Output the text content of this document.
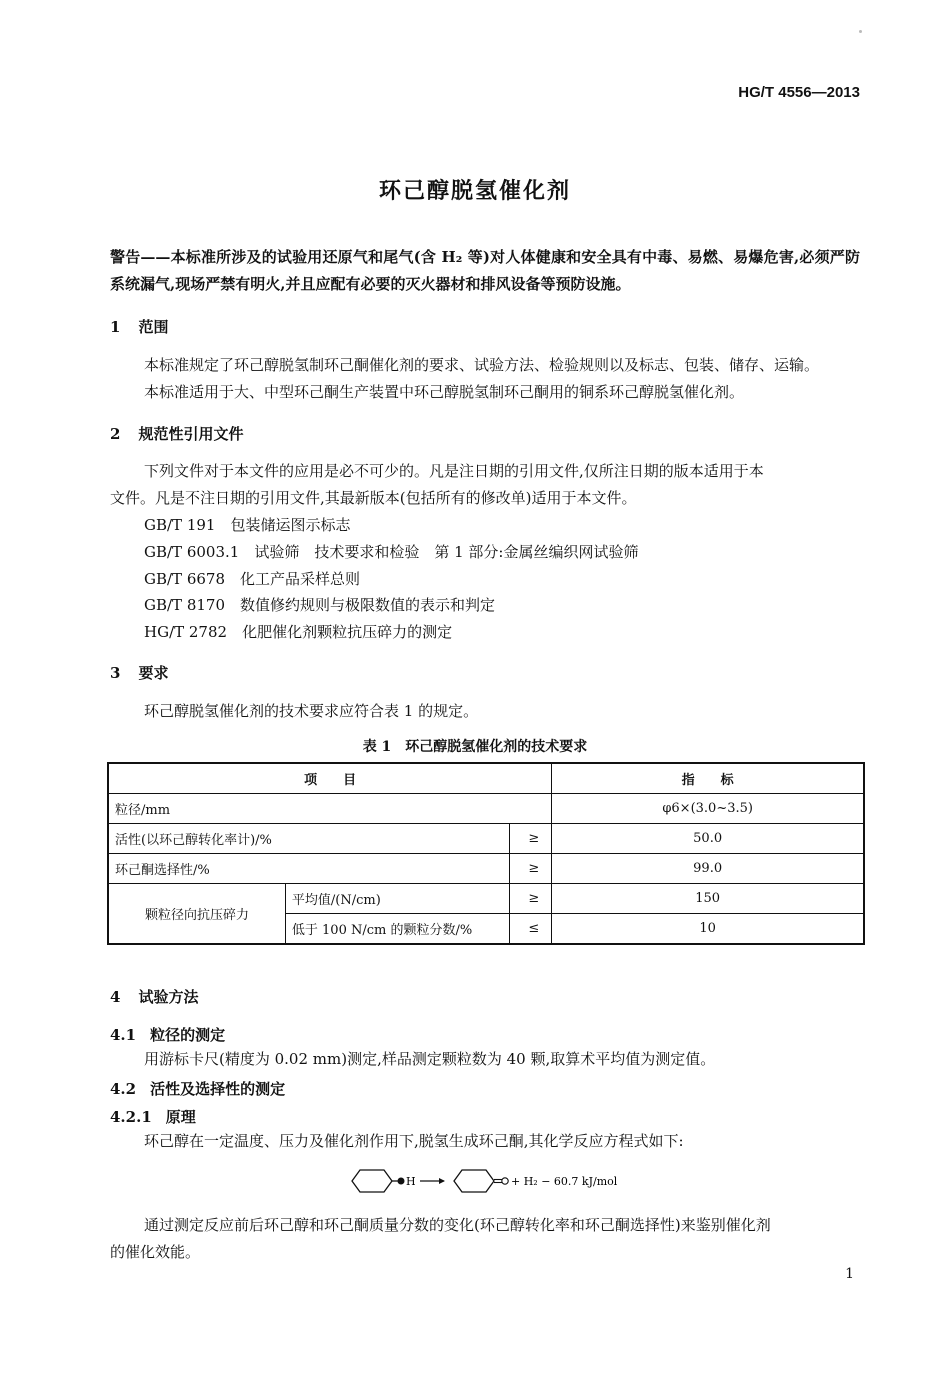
HG/T 4556—2013
环己醇脱氢催化剂
警告——本标准所涉及的试验用还原气和尾气(含 H₂ 等)对人体健康和安全具有中毒、易燃、易爆危害,必须严防系统漏气,现场严禁有明火,并且应配有必要的灭火器材和排风设备等预防设施。
1 范围
本标准规定了环己醇脱氢制环己酮催化剂的要求、试验方法、检验规则以及标志、包装、储存、运输。
本标准适用于大、中型环己酮生产装置中环己醇脱氢制环己酮用的铜系环己醇脱氢催化剂。
2 规范性引用文件
下列文件对于本文件的应用是必不可少的。凡是注日期的引用文件,仅所注日期的版本适用于本
文件。凡是不注日期的引用文件,其最新版本(包括所有的修改单)适用于本文件。
GB/T 191　 包装储运图示标志
GB/T 6003.1　 试验筛　技术要求和检验　第 1 部分:金属丝编织网试验筛
GB/T 6678　 化工产品采样总则
GB/T 8170　 数值修约规则与极限数值的表示和判定
HG/T 2782　 化肥催化剂颗粒抗压碎力的测定
3 要求
环己醇脱氢催化剂的技术要求应符合表 1 的规定。
表 1　环己醇脱氢催化剂的技术要求
项　　目			指　　标
粒径/mm			φ6×(3.0~3.5)
活性(以环己醇转化率计)/%		≥	50.0
环己酮选择性/%		≥	99.0
颗粒径向抗压碎力	平均值/(N/cm)	≥	150
	低于 100 N/cm 的颗粒分数/%	≤	10
4 试验方法
4.1 粒径的测定
用游标卡尺(精度为 0.02 mm)测定,样品测定颗粒数为 40 颗,取算术平均值为测定值。
4.2 活性及选择性的测定
4.2.1 原理
环己醇在一定温度、压力及催化剂作用下,脱氢生成环己酮,其化学反应方程式如下:
H	+ H₂ − 60.7 kJ/mol
通过测定反应前后环己醇和环己酮质量分数的变化(环己醇转化率和环己酮选择性)来鉴别催化剂
的催化效能。
1
